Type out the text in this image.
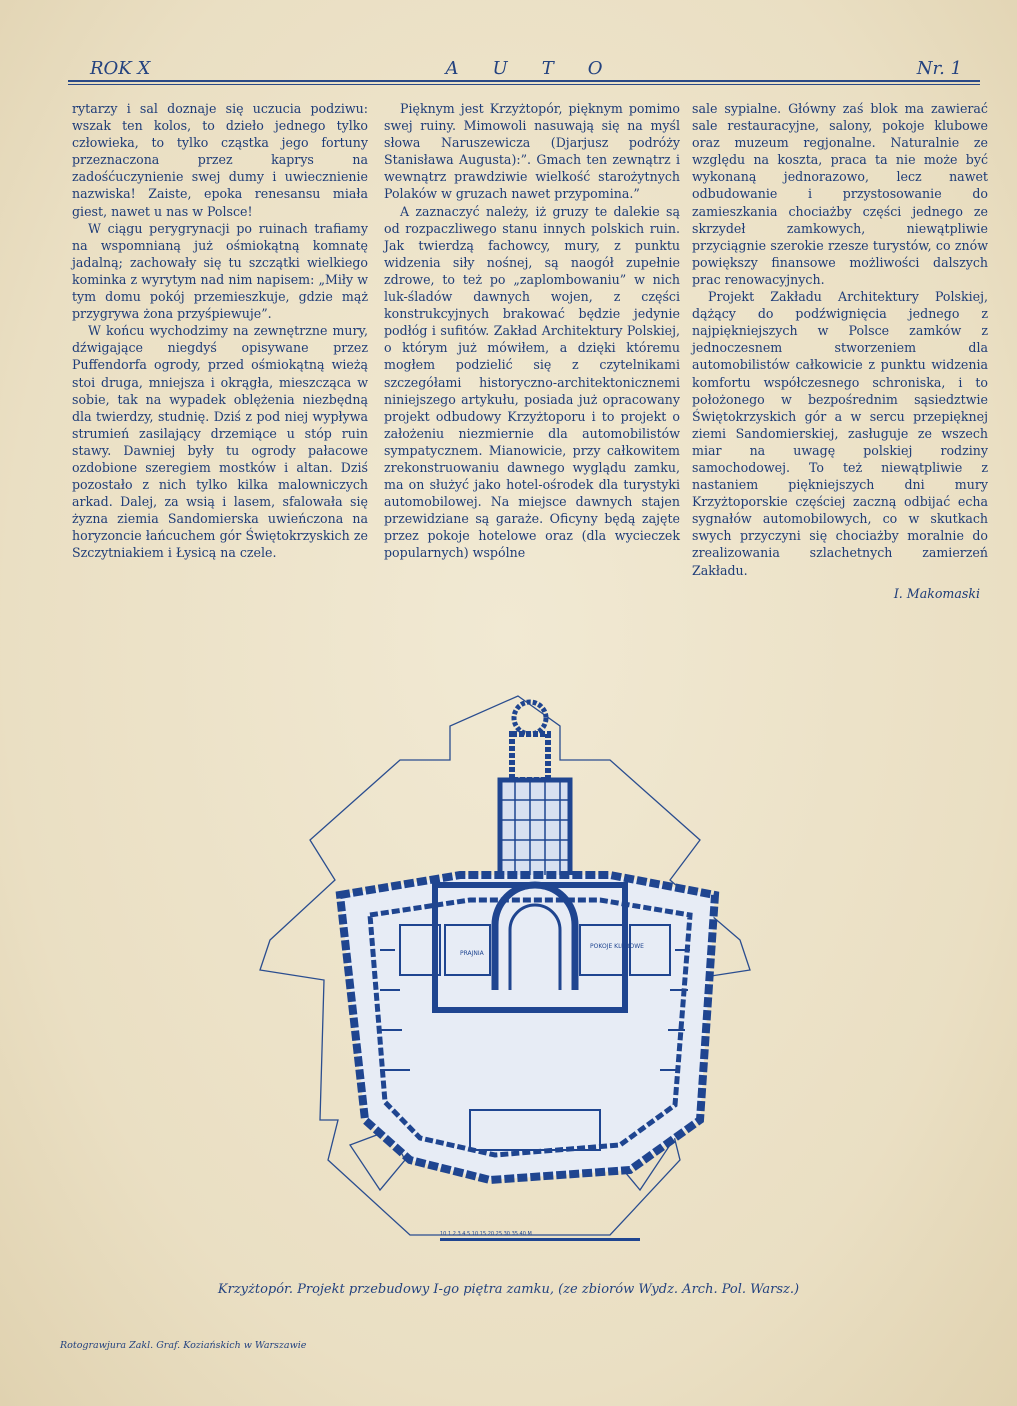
ROK X	AUTO	Nr. 1

rytarzy i sal doznaje się uczucia podziwu: wszak ten kolos, to dzieło jednego tylko człowieka, to tylko cząstka jego fortuny przeznaczona przez kaprys na zadośćuczynienie swej dumy i uwiecznienie nazwiska! Zaiste, epoka renesansu miała giest, nawet u nas w Polsce!

W ciągu perygrynacji po ruinach trafiamy na wspomnianą już ośmiokątną komnatę jadalną; zachowały się tu szczątki wielkiego kominka z wyrytym nad nim napisem: „Miły w tym domu pokój przemieszkuje, gdzie mąż przygrywa żona przyśpiewuje”.

W końcu wychodzimy na zewnętrzne mury, dźwigające niegdyś opisywane przez Puffendorfa ogrody, przed ośmiokątną wieżą stoi druga, mniejsza i okrągła, mieszcząca w sobie, tak na wypadek oblężenia niezbędną dla twierdzy, studnię. Dziś z pod niej wypływa strumień zasilający drzemiące u stóp ruin stawy. Dawniej były tu ogrody pałacowe ozdobione szeregiem mostków i altan. Dziś pozostało z nich tylko kilka malowniczych arkad. Dalej, za wsią i lasem, sfalowała się żyzna ziemia Sandomierska uwieńczona na horyzoncie łańcuchem gór Świętokrzyskich ze Szczytniakiem i Łysicą na czele.

Pięknym jest Krzyżtopór, pięknym pomimo swej ruiny. Mimowoli nasuwają się na myśl słowa Naruszewicza (Djarjusz podróży Stanisława Augusta):”. Gmach ten zewnątrz i wewnątrz prawdziwie wielkość starożytnych Polaków w gruzach nawet przypomina.”

A zaznaczyć należy, iż gruzy te dalekie są od rozpaczliwego stanu innych polskich ruin. Jak twierdzą fachowcy, mury, z punktu widzenia siły nośnej, są naogół zupełnie zdrowe, to też po „zaplombowaniu” w nich luk-śladów dawnych wojen, z części konstrukcyjnych brakować będzie jedynie podłóg i sufitów. Zakład Architektury Polskiej, o którym już mówiłem, a dzięki któremu mogłem podzielić się z czytelnikami szczegółami historyczno-architektonicznemi niniejszego artykułu, posiada już opracowany projekt odbudowy Krzyżtoporu i to projekt o założeniu niezmiernie dla automobilistów sympatycznem. Mianowicie, przy całkowitem zrekonstruowaniu dawnego wyglądu zamku, ma on służyć jako hotel-ośrodek dla turystyki automobilowej. Na miejsce dawnych stajen przewidziane są garaże. Oficyny będą zajęte przez pokoje hotelowe oraz (dla wycieczek popularnych) wspólne

sale sypialne. Główny zaś blok ma zawierać sale restauracyjne, salony, pokoje klubowe oraz muzeum regjonalne. Naturalnie ze względu na koszta, praca ta nie może być wykonaną jednorazowo, lecz nawet odbudowanie i przystosowanie do zamieszkania chociażby części jednego ze skrzydeł zamkowych, niewątpliwie przyciągnie szerokie rzesze turystów, co znów powiększy finansowe możliwości dalszych prac renowacyjnych.

Projekt Zakładu Architektury Polskiej, dążący do podźwignięcia jednego z najpiękniejszych w Polsce zamków z jednoczesnem stworzeniem dla automobilistów całkowicie z punktu widzenia komfortu współczesnego schroniska, i to położonego w bezpośrednim sąsiedztwie Świętokrzyskich gór a w sercu przepięknej ziemi Sandomierskiej, zasługuje ze wszech miar na uwagę polskiej rodziny samochodowej. To też niewątpliwie z nastaniem piękniejszych dni mury Krzyżtoporskie częściej zaczną odbijać echa sygnałów automobilowych, co w skutkach swych przyczyni się chociażby moralnie do zrealizowania szlachetnych zamierzeń Zakładu.

I. Makomaski

PRAJNIA
POKOJE KLUBOWE
10 1 2 3 4 5 10 15 20 25 30 35 40 M
Krzyżtopór. Projekt przebudowy I-go piętra zamku, (ze zbiorów Wydz. Arch. Pol. Warsz.)
Rotograwjura Zakl. Graf. Koziańskich w Warszawie
